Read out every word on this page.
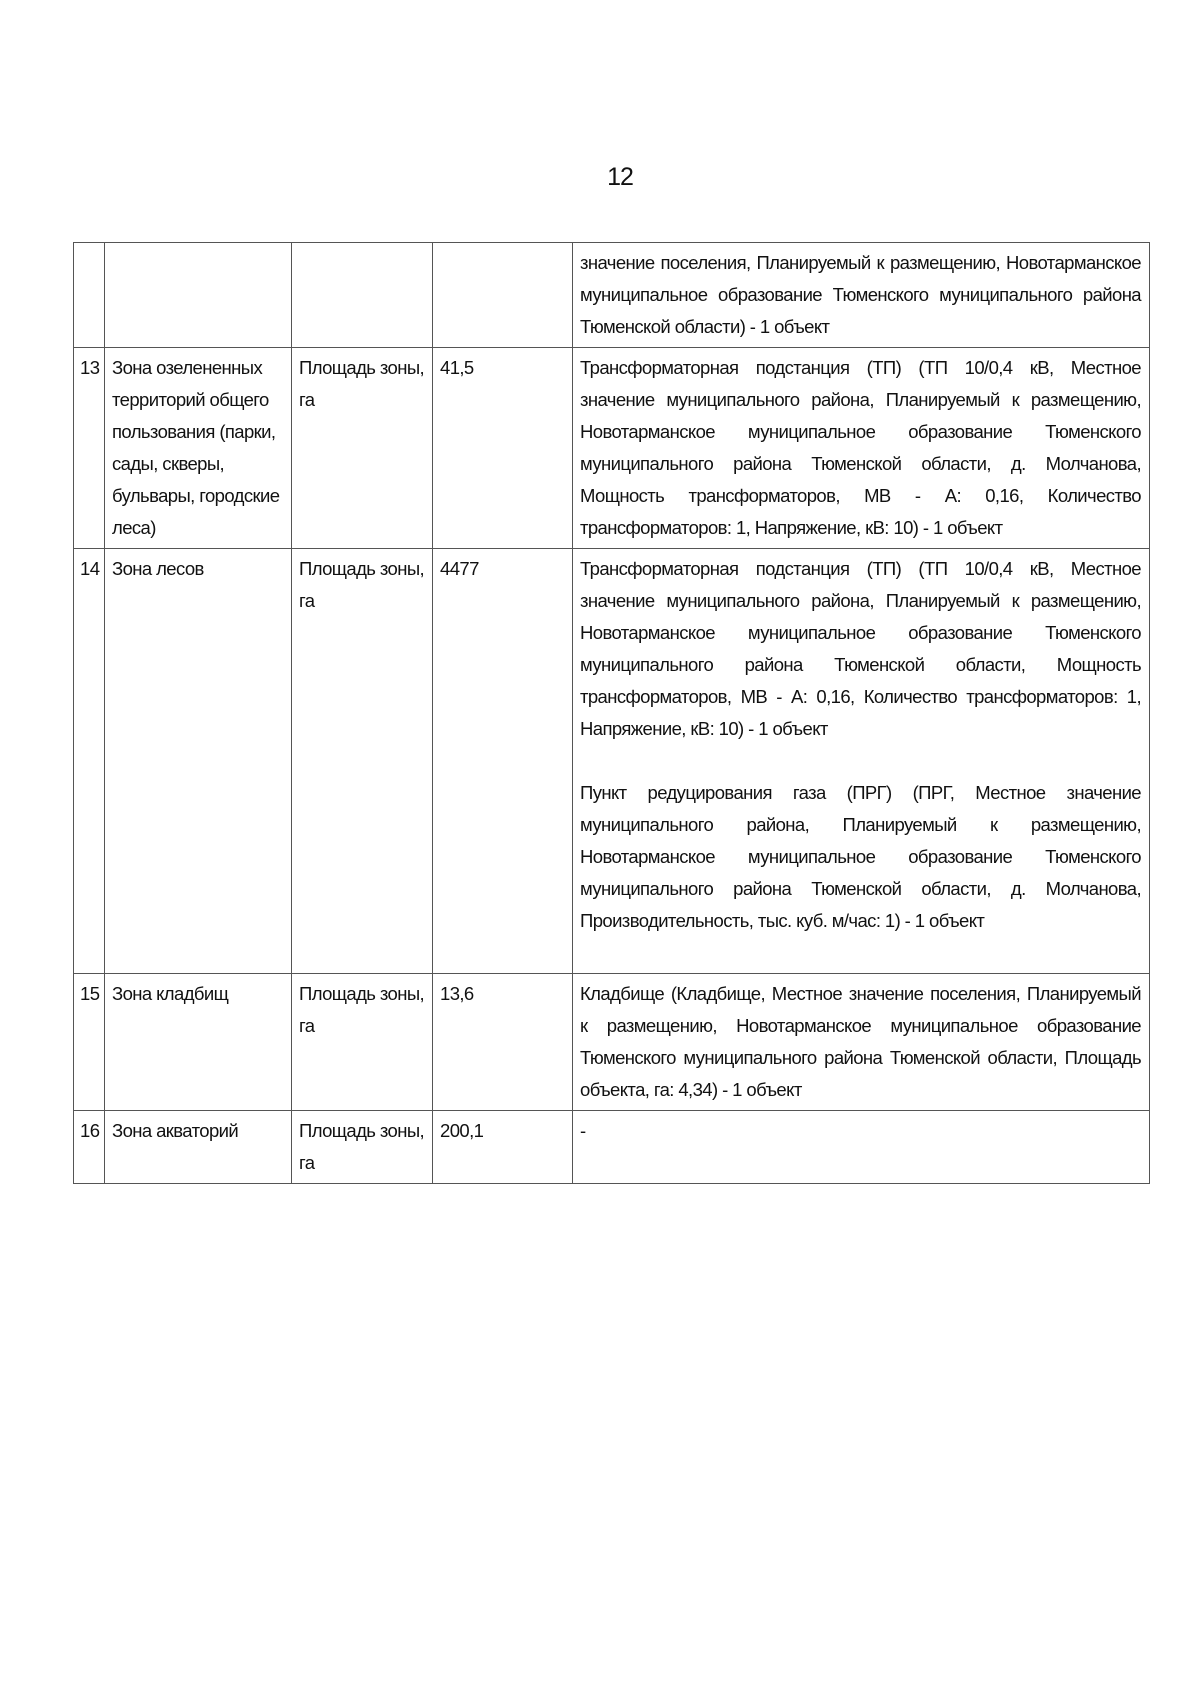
12

				значение поселения, Планируемый к размещению, Новотарманское муниципальное образование Тюменского муниципального района Тюменской области) - 1 объект

13	Зона озелененных территорий общего пользования (парки, сады, скверы, бульвары, городские леса)	Площадь зоны, га	41,5	Трансформаторная подстанция (ТП) (ТП 10/0,4 кВ, Местное значение муниципального района, Планируемый к размещению, Новотарманское муниципальное образование Тюменского муниципального района Тюменской области, д. Молчанова, Мощность трансформаторов, МВ - А: 0,16, Количество трансформаторов: 1, Напряжение, кВ: 10) - 1 объект

14	Зона лесов	Площадь зоны, га	4477	Трансформаторная подстанция (ТП) (ТП 10/0,4 кВ, Местное значение муниципального района, Планируемый к размещению, Новотарманское муниципальное образование Тюменского муниципального района Тюменской области, Мощность трансформаторов, МВ - А: 0,16, Количество трансформаторов: 1, Напряжение, кВ: 10) - 1 объект
Пункт редуцирования газа (ПРГ) (ПРГ, Местное значение муниципального района, Планируемый к размещению, Новотарманское муниципальное образование Тюменского муниципального района Тюменской области, д. Молчанова, Производительность, тыс. куб. м/час: 1) - 1 объект

15	Зона кладбищ	Площадь зоны, га	13,6	Кладбище (Кладбище, Местное значение поселения, Планируемый к размещению, Новотарманское муниципальное образование Тюменского муниципального района Тюменской области, Площадь объекта, га: 4,34) - 1 объект

16	Зона акваторий	Площадь зоны, га	200,1	-
